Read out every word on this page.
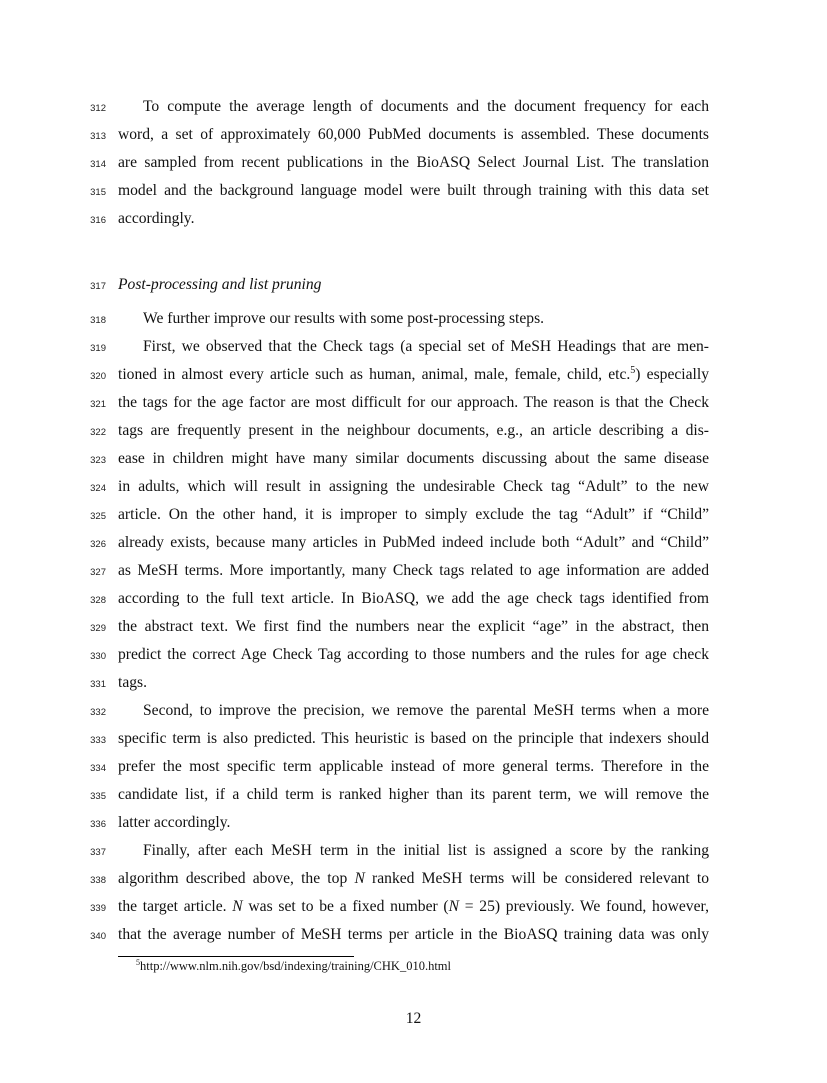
312
313
314
315
316
317
318
319
320
321
322
323
324
325
326
327
328
329
330
331
332
333
334
335
336
337
338
339
340
To compute the average length of documents and the document frequency for each
word, a set of approximately 60,000 PubMed documents is assembled. These documents
are sampled from recent publications in the BioASQ Select Journal List. The translation
model and the background language model were built through training with this data set
accordingly.
Post-processing and list pruning
We further improve our results with some post-processing steps.
First, we observed that the Check tags (a special set of MeSH Headings that are men-
tioned in almost every article such as human, animal, male, female, child, etc.$^5$) especially
the tags for the age factor are most difficult for our approach. The reason is that the Check
tags are frequently present in the neighbour documents, e.g., an article describing a dis-
ease in children might have many similar documents discussing about the same disease
in adults, which will result in assigning the undesirable Check tag “Adult” to the new
article. On the other hand, it is improper to simply exclude the tag “Adult” if “Child”
already exists, because many articles in PubMed indeed include both “Adult” and “Child”
as MeSH terms. More importantly, many Check tags related to age information are added
according to the full text article. In BioASQ, we add the age check tags identified from
the abstract text. We first find the numbers near the explicit “age” in the abstract, then
predict the correct Age Check Tag according to those numbers and the rules for age check
tags.
Second, to improve the precision, we remove the parental MeSH terms when a more
specific term is also predicted. This heuristic is based on the principle that indexers should
prefer the most specific term applicable instead of more general terms. Therefore in the
candidate list, if a child term is ranked higher than its parent term, we will remove the
latter accordingly.
Finally, after each MeSH term in the initial list is assigned a score by the ranking
algorithm described above, the top N ranked MeSH terms will be considered relevant to
the target article. N was set to be a fixed number (N = 25) previously. We found, however,
that the average number of MeSH terms per article in the BioASQ training data was only
$^5$http://www.nlm.nih.gov/bsd/indexing/training/CHK_010.html
12
